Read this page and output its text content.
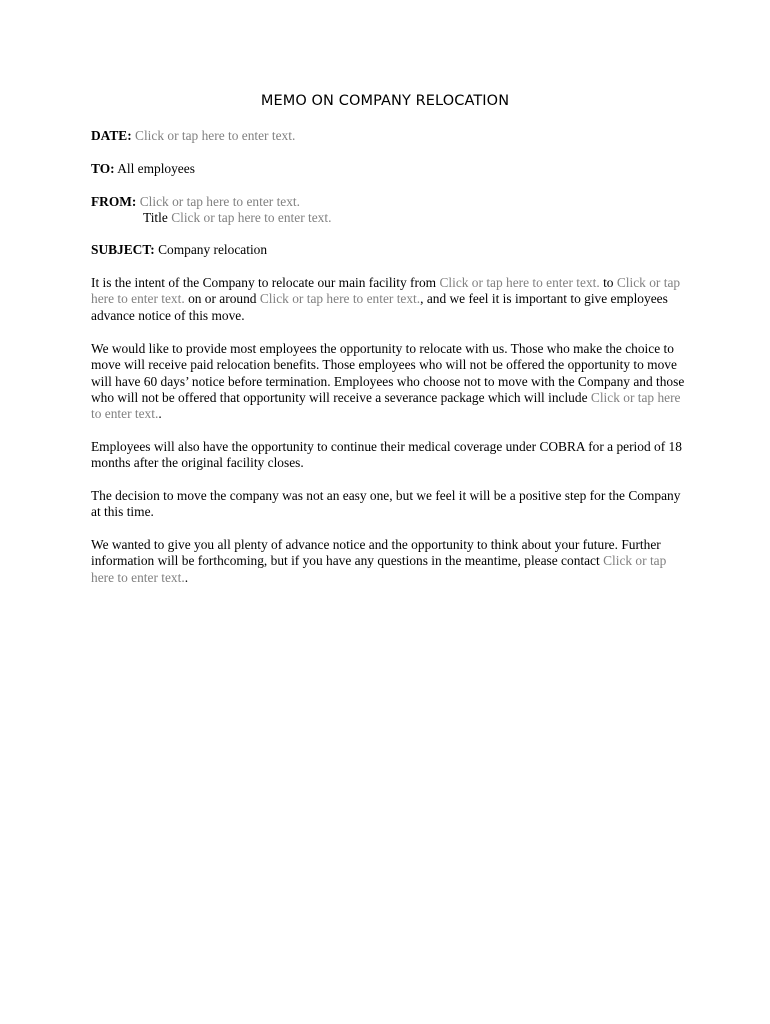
MEMO ON COMPANY RELOCATION
DATE: Click or tap here to enter text.
TO: All employees
FROM: Click or tap here to enter text.
Title Click or tap here to enter text.
SUBJECT: Company relocation

It is the intent of the Company to relocate our main facility from Click or tap here to enter text. to Click or tap here to enter text. on or around Click or tap here to enter text., and we feel it is important to give employees advance notice of this move.

We would like to provide most employees the opportunity to relocate with us. Those who make the choice to move will receive paid relocation benefits. Those employees who will not be offered the opportunity to move will have 60 days’ notice before termination. Employees who choose not to move with the Company and those who will not be offered that opportunity will receive a severance package which will include Click or tap here to enter text..

Employees will also have the opportunity to continue their medical coverage under COBRA for a period of 18 months after the original facility closes.

The decision to move the company was not an easy one, but we feel it will be a positive step for the Company at this time.

We wanted to give you all plenty of advance notice and the opportunity to think about your future. Further information will be forthcoming, but if you have any questions in the meantime, please contact Click or tap here to enter text..
